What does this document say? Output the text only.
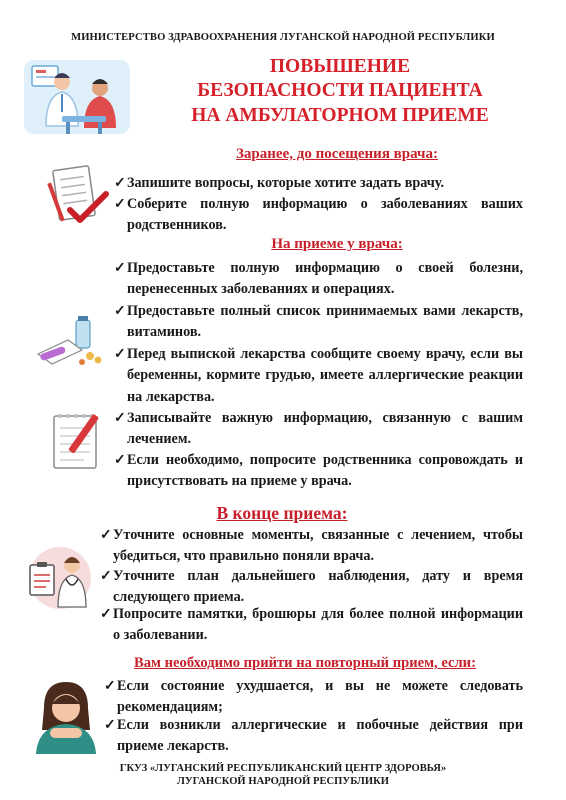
МИНИСТЕРСТВО ЗДРАВООХРАНЕНИЯ ЛУГАНСКОЙ НАРОДНОЙ РЕСПУБЛИКИ
ПОВЫШЕНИЕ
БЕЗОПАСНОСТИ ПАЦИЕНТА
НА АМБУЛАТОРНОМ ПРИЕМЕ
Заранее, до посещения врача:
✓ Запишите вопросы, которые хотите задать врачу.
✓ Соберите полную информацию о заболеваниях ваших родственников.
На приеме у врача:
✓ Предоставьте полную информацию о своей болезни, перенесенных заболеваниях и операциях.
✓ Предоставьте полный список принимаемых вами лекарств, витаминов.
✓ Перед выпиской лекарства сообщите своему врачу, если вы беременны, кормите грудью, имеете аллергические реакции на лекарства.
✓ Записывайте важную информацию, связанную с вашим лечением.
✓ Если необходимо, попросите родственника сопровождать и присутствовать на приеме у врача.
В конце приема:
✓ Уточните основные моменты, связанные с лечением, чтобы убедиться, что правильно поняли врача.
✓ Уточните план дальнейшего наблюдения, дату и время следующего приема.
✓ Попросите памятки, брошюры для более полной информации о заболевании.
Вам необходимо прийти на повторный прием, если:
✓ Если состояние ухудшается, и вы не можете следовать рекомендациям;
✓ Если возникли аллергические и побочные действия при приеме лекарств.
ГКУЗ «ЛУГАНСКИЙ РЕСПУБЛИКАНСКИЙ ЦЕНТР ЗДОРОВЬЯ»
ЛУГАНСКОЙ НАРОДНОЙ РЕСПУБЛИКИ
